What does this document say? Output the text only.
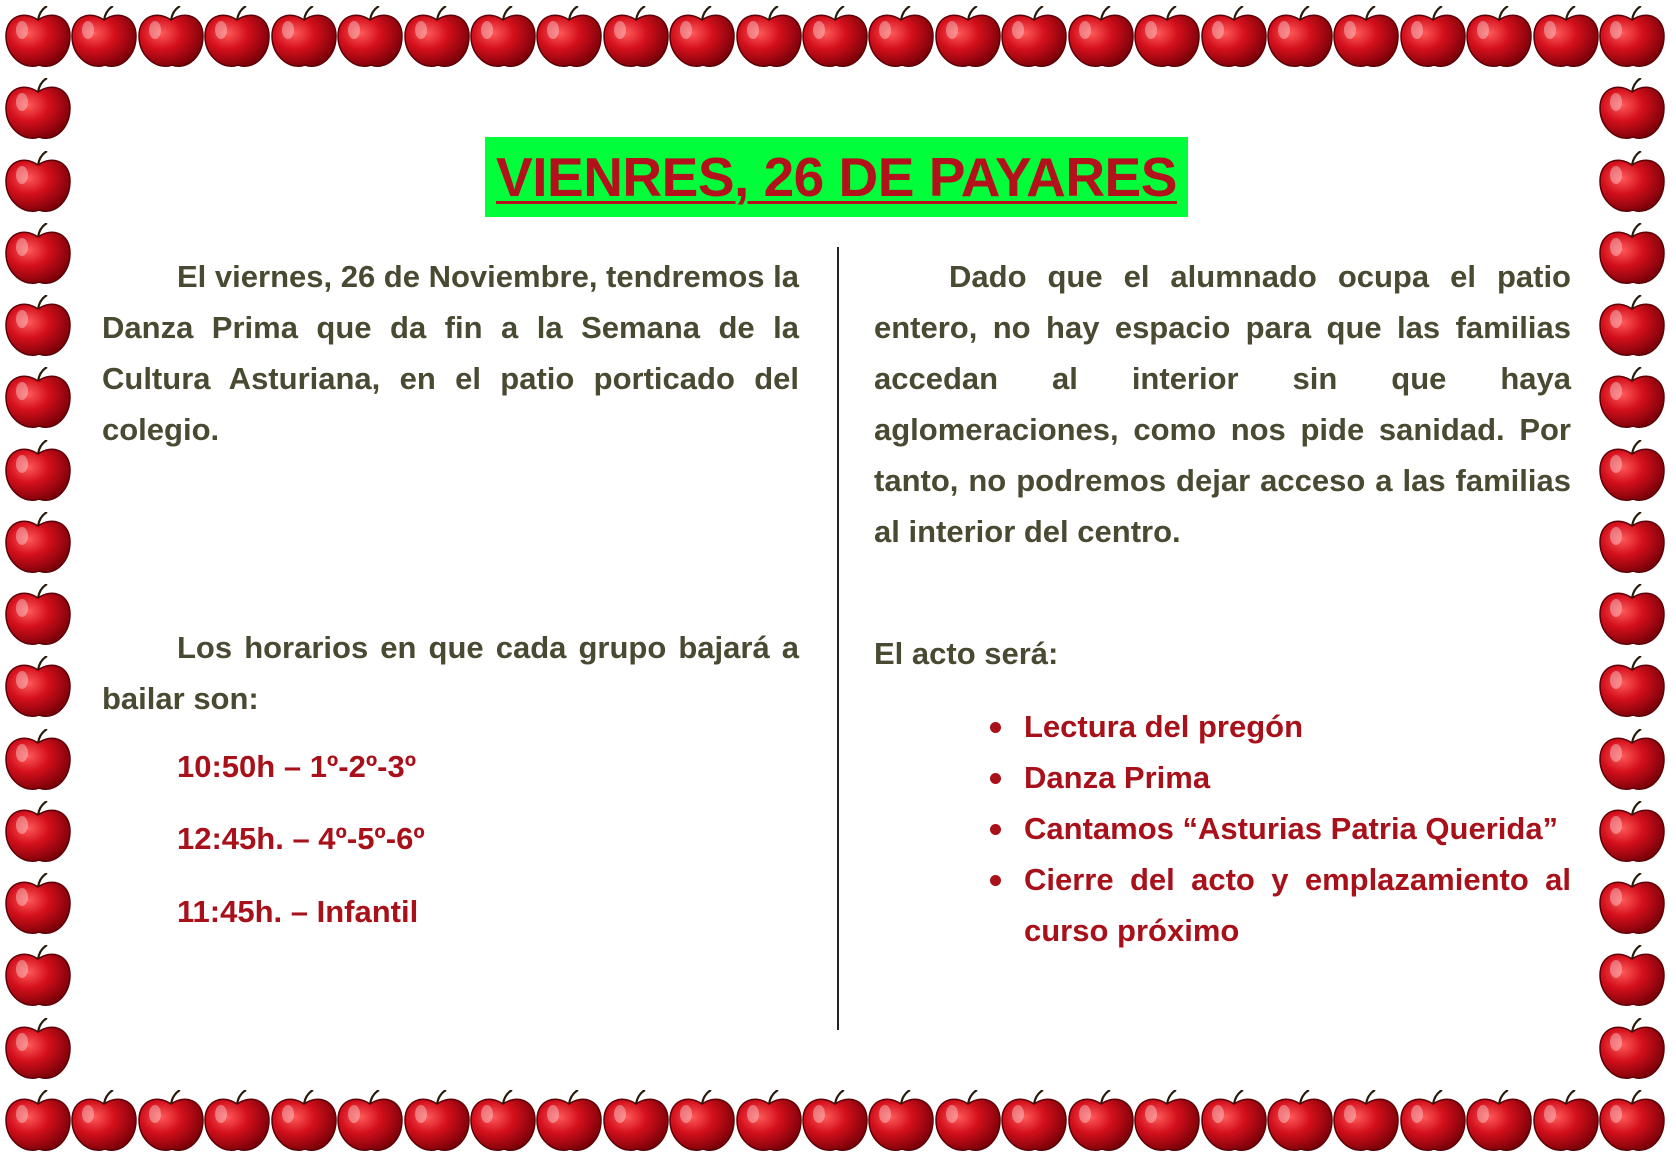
VIENRES, 26 DE PAYARES

El viernes, 26 de Noviembre, tendremos la Danza Prima que da fin a la Semana de la Cultura Asturiana, en el patio porticado del colegio.

Los horarios en que cada grupo bajará a bailar son:

10:50h – 1º-2º-3º
12:45h. – 4º-5º-6º
11:45h. – Infantil

Dado que el alumnado ocupa el patio entero, no hay espacio para que las familias accedan al interior sin que haya aglomeraciones, como nos pide sanidad. Por tanto, no podremos dejar acceso a las familias al interior del centro.

El acto será:
Lectura del pregón
Danza Prima
Cantamos “Asturias Patria Querida”
Cierre del acto y emplazamiento al curso próximo
